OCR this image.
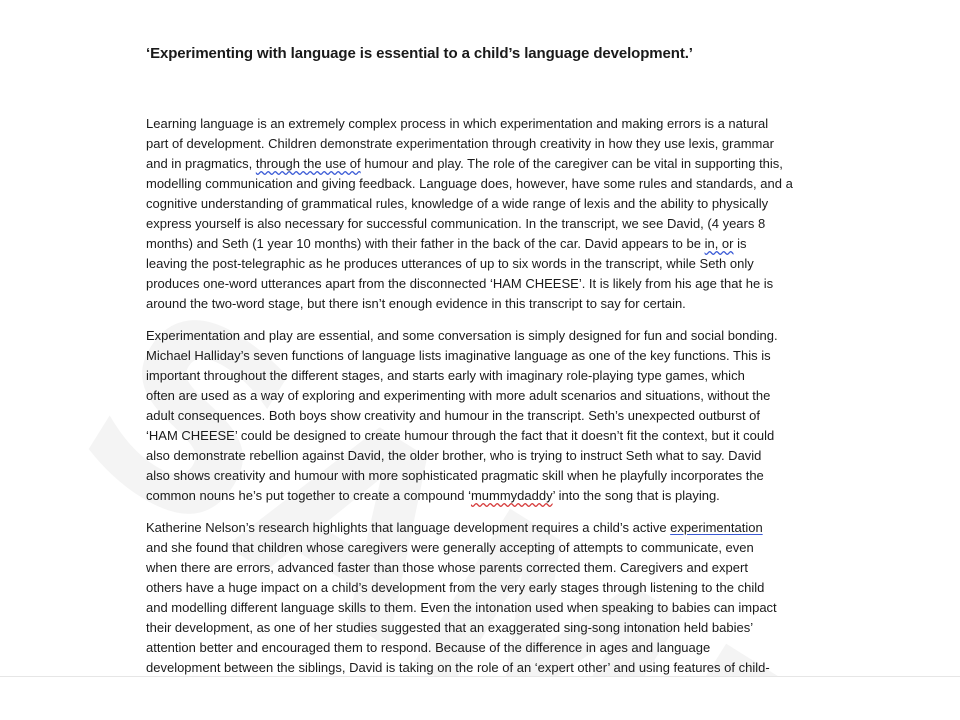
‘Experimenting with language is essential to a child’s language development.’
Learning language is an extremely complex process in which experimentation and making errors is a natural
part of development. Children demonstrate experimentation through creativity in how they use lexis, grammar
and in pragmatics, through the use of humour and play. The role of the caregiver can be vital in supporting this,
modelling communication and giving feedback. Language does, however, have some rules and standards, and a
cognitive understanding of grammatical rules, knowledge of a wide range of lexis and the ability to physically
express yourself is also necessary for successful communication. In the transcript, we see David, (4 years 8
months) and Seth (1 year 10 months) with their father in the back of the car. David appears to be in, or is
leaving the post-telegraphic as he produces utterances of up to six words in the transcript, while Seth only
produces one-word utterances apart from the disconnected ‘HAM CHEESE’. It is likely from his age that he is
around the two-word stage, but there isn’t enough evidence in this transcript to say for certain.
Experimentation and play are essential, and some conversation is simply designed for fun and social bonding.
Michael Halliday’s seven functions of language lists imaginative language as one of the key functions. This is
important throughout the different stages, and starts early with imaginary role-playing type games, which
often are used as a way of exploring and experimenting with more adult scenarios and situations, without the
adult consequences. Both boys show creativity and humour in the transcript. Seth’s unexpected outburst of
‘HAM CHEESE’ could be designed to create humour through the fact that it doesn’t fit the context, but it could
also demonstrate rebellion against David, the older brother, who is trying to instruct Seth what to say. David
also shows creativity and humour with more sophisticated pragmatic skill when he playfully incorporates the
common nouns he’s put together to create a compound ‘mummydaddy’ into the song that is playing.
Katherine Nelson’s research highlights that language development requires a child’s active experimentation
and she found that children whose caregivers were generally accepting of attempts to communicate, even
when there are errors, advanced faster than those whose parents corrected them. Caregivers and expert
others have a huge impact on a child’s development from the very early stages through listening to the child
and modelling different language skills to them. Even the intonation used when speaking to babies can impact
their development, as one of her studies suggested that an exaggerated sing-song intonation held babies’
attention better and encouraged them to respond. Because of the difference in ages and language
development between the siblings, David is taking on the role of an ‘expert other’ and using features of child-
